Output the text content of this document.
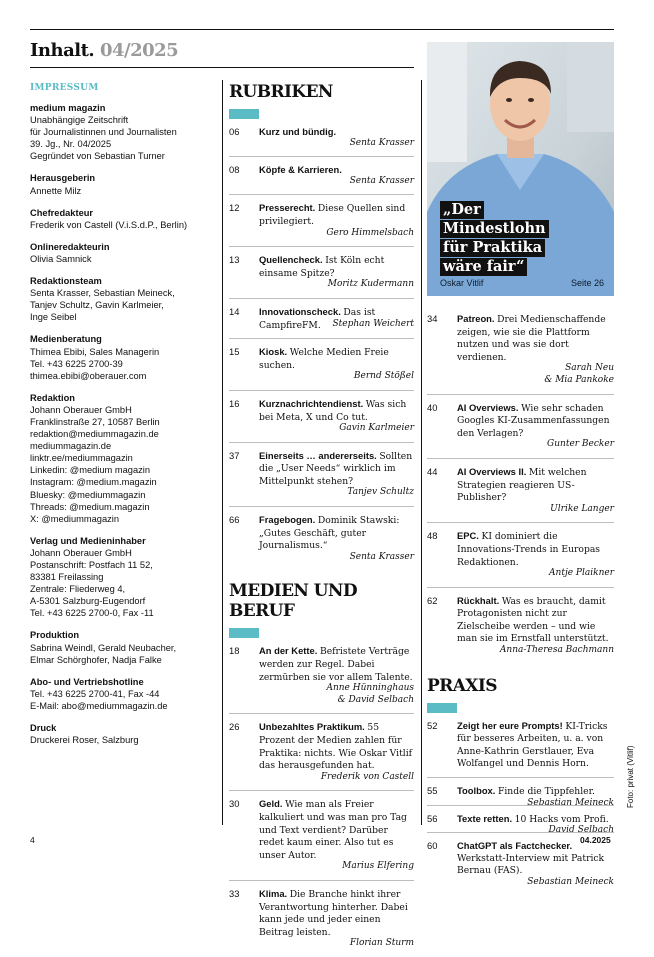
Inhalt. 04/2025
IMPRESSUM
medium magazin
Unabhängige Zeitschrift
für Journalistinnen und Journalisten
39. Jg., Nr. 04/2025
Gegründet von Sebastian Turner
Herausgeberin
Annette Milz
Chefredakteur
Frederik von Castell (V.i.S.d.P., Berlin)
Onlineredakteurin
Olivia Samnick
Redaktionsteam
Senta Krasser, Sebastian Meineck,
Tanjev Schultz, Gavin Karlmeier,
Inge Seibel
Medienberatung
Thimea Ebibi, Sales Managerin
Tel. +43 6225 2700-39
thimea.ebibi@oberauer.com
Redaktion
Johann Oberauer GmbH
Franklinstraße 27, 10587 Berlin
redaktion@mediummagazin.de
mediummagazin.de
linktr.ee/mediummagazin
Linkedin: @medium magazin
Instagram: @medium.magazin
Bluesky: @mediummagazin
Threads: @medium.magazin
X: @mediummagazin
Verlag und Medieninhaber
Johann Oberauer GmbH
Postanschrift: Postfach 11 52,
83381 Freilassing
Zentrale: Fliederweg 4,
A-5301 Salzburg-Eugendorf
Tel. +43 6225 2700-0, Fax -11
Produktion
Sabrina Weindl, Gerald Neubacher,
Elmar Schörghofer, Nadja Falke
Abo- und Vertriebshotline
Tel. +43 6225 2700-41, Fax -44
E-Mail: abo@mediummagazin.de
Druck
Druckerei Roser, Salzburg
RUBRIKEN
06 Kurz und bündig.
Senta Krasser
08 Köpfe & Karrieren.
Senta Krasser
12 Presserecht. Diese Quellen sind privilegiert.
Gero Himmelsbach
13 Quellencheck. Ist Köln echt einsame Spitze?
Moritz Kudermann
14 Innovationscheck. Das ist CampfireFM. Stephan Weichert
15 Kiosk. Welche Medien Freie suchen.
Bernd Stößel
16 Kurznachrichtendienst. Was sich bei Meta, X und Co tut.
Gavin Karlmeier
37 Einerseits … andererseits. Sollten die „User Needs“ wirklich im Mittelpunkt stehen?
Tanjev Schultz
66 Fragebogen. Dominik Stawski: „Gutes Geschäft, guter Journalismus.“
Senta Krasser
MEDIEN UND BERUF
18 An der Kette. Befristete Verträge werden zur Regel. Dabei zermürben sie vor allem Talente.
Anne Hünninghaus
& David Selbach
26 Unbezahltes Praktikum. 55 Prozent der Medien zahlen für Praktika: nichts. Wie Oskar Vitlif das herausgefunden hat.
Frederik von Castell
30 Geld. Wie man als Freier kalkuliert und was man pro Tag und Text verdient? Darüber redet kaum einer. Also tut es unser Autor.
Marius Elfering
33 Klima. Die Branche hinkt ihrer Verantwortung hinterher. Dabei kann jede und jeder einen Beitrag leisten.
Florian Sturm
„Der
Mindestlohn
für Praktika
wäre fair“
Oskar Vitlif	Seite 26
34 Patreon. Drei Medienschaffende zeigen, wie sie die Plattform nutzen und was sie dort verdienen.
Sarah Neu
& Mia Pankoke
40 AI Overviews. Wie sehr schaden Googles KI-Zusammenfassungen den Verlagen?
Gunter Becker
44 AI Overviews II. Mit welchen Strategien reagieren US-Publisher?
Ulrike Langer
48 EPC. KI dominiert die Innovations-Trends in Europas Redaktionen.
Antje Plaikner
62 Rückhalt. Was es braucht, damit Protagonisten nicht zur Zielscheibe werden – und wie man sie im Ernstfall unterstützt.
Anna-Theresa Bachmann
PRAXIS
52 Zeigt her eure Prompts! KI-Tricks für besseres Arbeiten, u. a. von Anne-Kathrin Gerstlauer, Eva Wolfangel und Dennis Horn.
55 Toolbox. Finde die Tippfehler.
Sebastian Meineck
56 Texte retten. 10 Hacks vom Profi.
David Selbach
60 ChatGPT als Factchecker. Werkstatt-Interview mit Patrick Bernau (FAS).
Sebastian Meineck
4	04.2025
Foto: privat (Vitlif)
